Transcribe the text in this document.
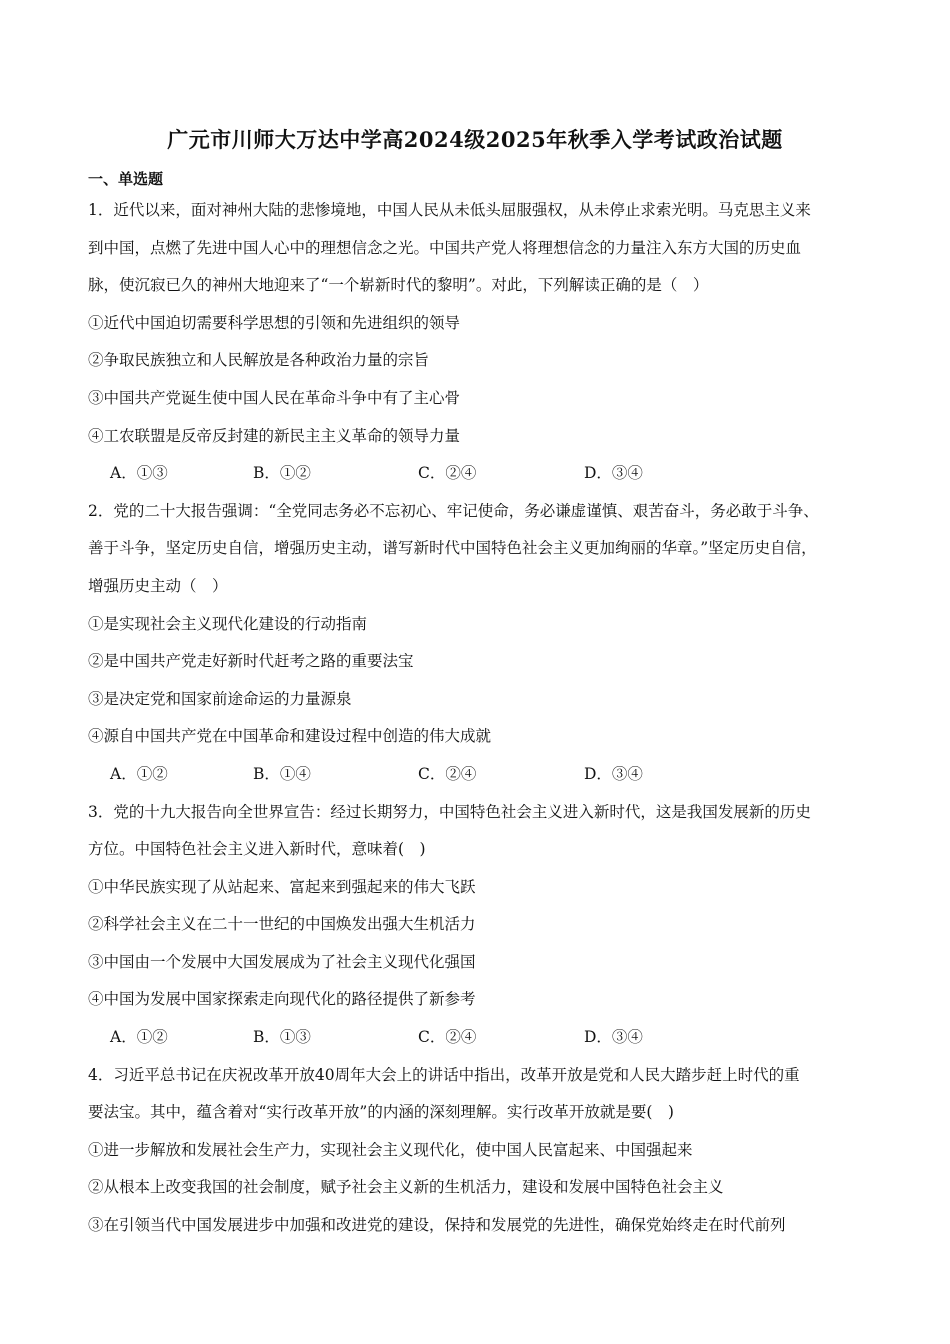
广元市川师大万达中学高2024级2025年秋季入学考试政治试题
一、单选题
1．近代以来，面对神州大陆的悲惨境地，中国人民从未低头屈服强权，从未停止求索光明。马克思主义来
到中国，点燃了先进中国人心中的理想信念之光。中国共产党人将理想信念的力量注入东方大国的历史血
脉，使沉寂已久的神州大地迎来了“一个崭新时代的黎明”。对此，下列解读正确的是（　）
①近代中国迫切需要科学思想的引领和先进组织的领导
②争取民族独立和人民解放是各种政治力量的宗旨
③中国共产党诞生使中国人民在革命斗争中有了主心骨
④工农联盟是反帝反封建的新民主主义革命的领导力量
A．①③	B．①②	C．②④	D．③④
2．党的二十大报告强调：“全党同志务必不忘初心、牢记使命，务必谦虚谨慎、艰苦奋斗，务必敢于斗争、
善于斗争，坚定历史自信，增强历史主动，谱写新时代中国特色社会主义更加绚丽的华章。”坚定历史自信，
增强历史主动（　）
①是实现社会主义现代化建设的行动指南
②是中国共产党走好新时代赶考之路的重要法宝
③是决定党和国家前途命运的力量源泉
④源自中国共产党在中国革命和建设过程中创造的伟大成就
A．①②	B．①④	C．②④	D．③④
3．党的十九大报告向全世界宣告：经过长期努力，中国特色社会主义进入新时代，这是我国发展新的历史
方位。中国特色社会主义进入新时代，意味着(　)
①中华民族实现了从站起来、富起来到强起来的伟大飞跃
②科学社会主义在二十一世纪的中国焕发出强大生机活力
③中国由一个发展中大国发展成为了社会主义现代化强国
④中国为发展中国家探索走向现代化的路径提供了新参考
A．①②	B．①③	C．②④	D．③④
4．习近平总书记在庆祝改革开放40周年大会上的讲话中指出，改革开放是党和人民大踏步赶上时代的重
要法宝。其中，蕴含着对“实行改革开放”的内涵的深刻理解。实行改革开放就是要(　)
①进一步解放和发展社会生产力，实现社会主义现代化，使中国人民富起来、中国强起来
②从根本上改变我国的社会制度，赋予社会主义新的生机活力，建设和发展中国特色社会主义
③在引领当代中国发展进步中加强和改进党的建设，保持和发展党的先进性，确保党始终走在时代前列
